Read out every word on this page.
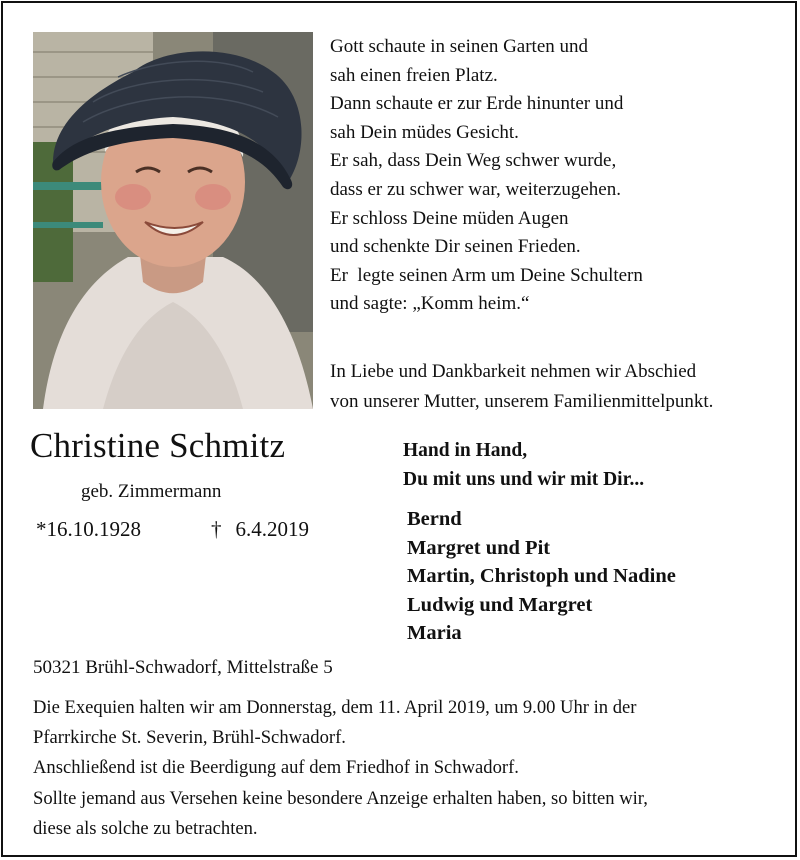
Gott schaute in seinen Garten und
sah einen freien Platz.
Dann schaute er zur Erde hinunter und
sah Dein müdes Gesicht.
Er sah, dass Dein Weg schwer wurde,
dass er zu schwer war, weiterzugehen.
Er schloss Deine müden Augen
und schenkte Dir seinen Frieden.
Er  legte seinen Arm um Deine Schultern
und sagte: „Komm heim.“
In Liebe und Dankbarkeit nehmen wir Abschied
von unserer Mutter, unserem Familienmittelpunkt.
Christine Schmitz
geb. Zimmermann
*16.10.1928	† 6.4.2019
Hand in Hand,
Du mit uns und wir mit Dir...
Bernd
Margret und Pit
Martin, Christoph und Nadine
Ludwig und Margret
Maria
50321 Brühl-Schwadorf, Mittelstraße 5
Die Exequien halten wir am Donnerstag, dem 11. April 2019, um 9.00 Uhr in der
Pfarrkirche St. Severin, Brühl-Schwadorf.
Anschließend ist die Beerdigung auf dem Friedhof in Schwadorf.
Sollte jemand aus Versehen keine besondere Anzeige erhalten haben, so bitten wir,
diese als solche zu betrachten.
